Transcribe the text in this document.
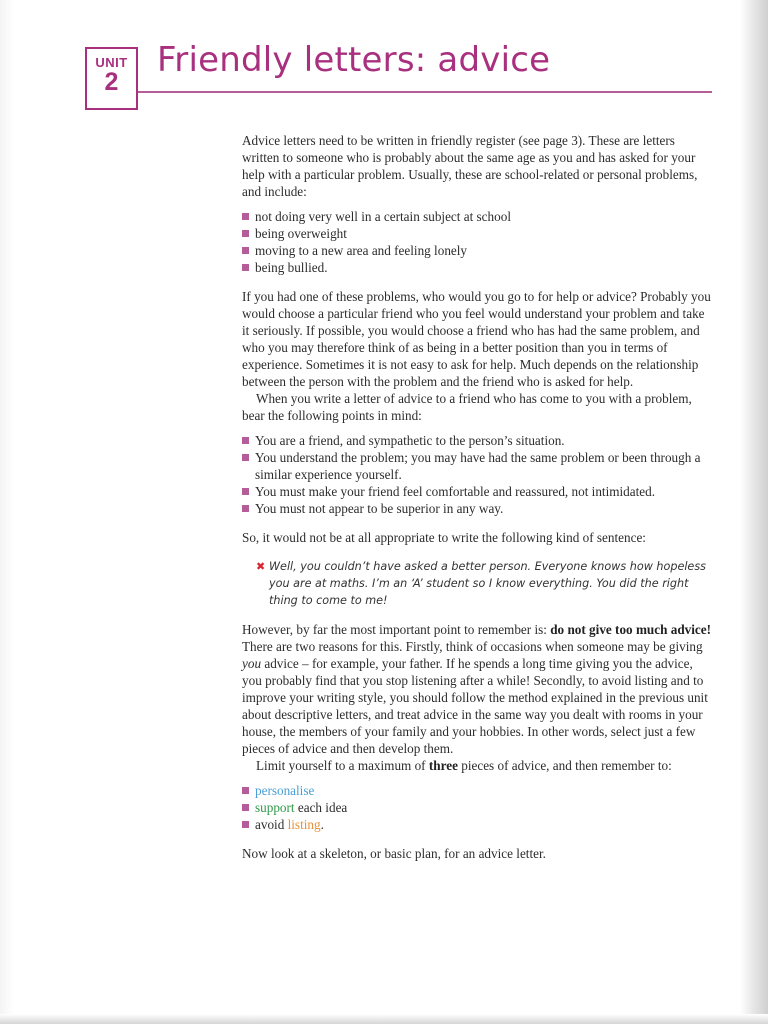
UNIT
2
Friendly letters: advice

Advice letters need to be written in friendly register (see page 3). These are letters written to someone who is probably about the same age as you and has asked for your help with a particular problem. Usually, these are school-related or personal problems, and include:

not doing very well in a certain subject at school
being overweight
moving to a new area and feeling lonely
being bullied.

If you had one of these problems, who would you go to for help or advice? Probably you would choose a particular friend who you feel would understand your problem and take it seriously. If possible, you would choose a friend who has had the same problem, and who you may therefore think of as being in a better position than you in terms of experience. Sometimes it is not easy to ask for help. Much depends on the relationship between the person with the problem and the friend who is asked for help.

When you write a letter of advice to a friend who has come to you with a problem, bear the following points in mind:

You are a friend, and sympathetic to the person’s situation.
You understand the problem; you may have had the same problem or been through a similar experience yourself.
You must make your friend feel comfortable and reassured, not intimidated.
You must not appear to be superior in any way.

So, it would not be at all appropriate to write the following kind of sentence:

✖ Well, you couldn’t have asked a better person. Everyone knows how hopeless you are at maths. I’m an ‘A’ student so I know everything. You did the right thing to come to me!

However, by far the most important point to remember is: do not give too much advice! There are two reasons for this. Firstly, think of occasions when someone may be giving you advice – for example, your father. If he spends a long time giving you the advice, you probably find that you stop listening after a while! Secondly, to avoid listing and to improve your writing style, you should follow the method explained in the previous unit about descriptive letters, and treat advice in the same way you dealt with rooms in your house, the members of your family and your hobbies. In other words, select just a few pieces of advice and then develop them.

Limit yourself to a maximum of three pieces of advice, and then remember to:

personalise
support each idea
avoid listing.

Now look at a skeleton, or basic plan, for an advice letter.
